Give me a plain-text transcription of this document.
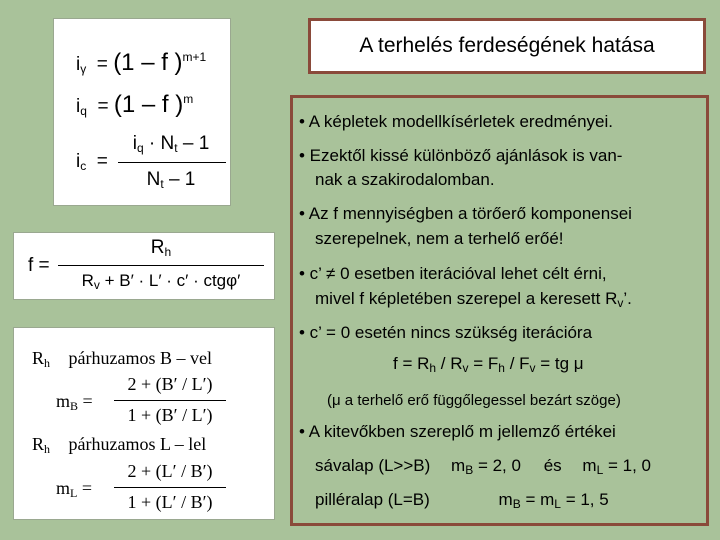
A terhelés ferdeségének hatása
$i_\gamma = (1 - f$ )$^{m+1}$
$i_q = (1 - f$ )$^m$
$i_c$ =
$i_q \cdot N_t - 1$
$N_t - 1$
f =
$R_h$
$R_v + B' \cdot L' \cdot c' \cdot ctg\varphi'$
$R_h$ párhuzamos B – vel
$m_B$ =
2 + (B′ / L′)
1 + (B′ / L′)
$R_h$ párhuzamos L – lel
$m_L$ =
2 + (L′ / B′)
1 + (L′ / B′)
• A képletek modellkísérletek eredményei.
• Ezektől kissé különböző ajánlások is van-
nak a szakirodalomban.
• Az f mennyiségben a törőerő komponensei
szerepelnek, nem a terhelő erőé!
• c’ ≠ 0 esetben iterációval lehet célt érni,
mivel f képletében szerepel a keresett $R_v$’.
• c’ = 0 esetén nincs szükség iterációra
$f = R_h / R_v = F_h / F_v$ = tg μ
(μ a terhelő erő függőlegessel bezárt szöge)
• A kitevőkben szereplő m jellemző értékei
sávalap (L>>B) $m_B = 2$, 0 és $m_L = 1$, 0
pilléralap (L=B)	$m_B = m_L = 1$, 5
